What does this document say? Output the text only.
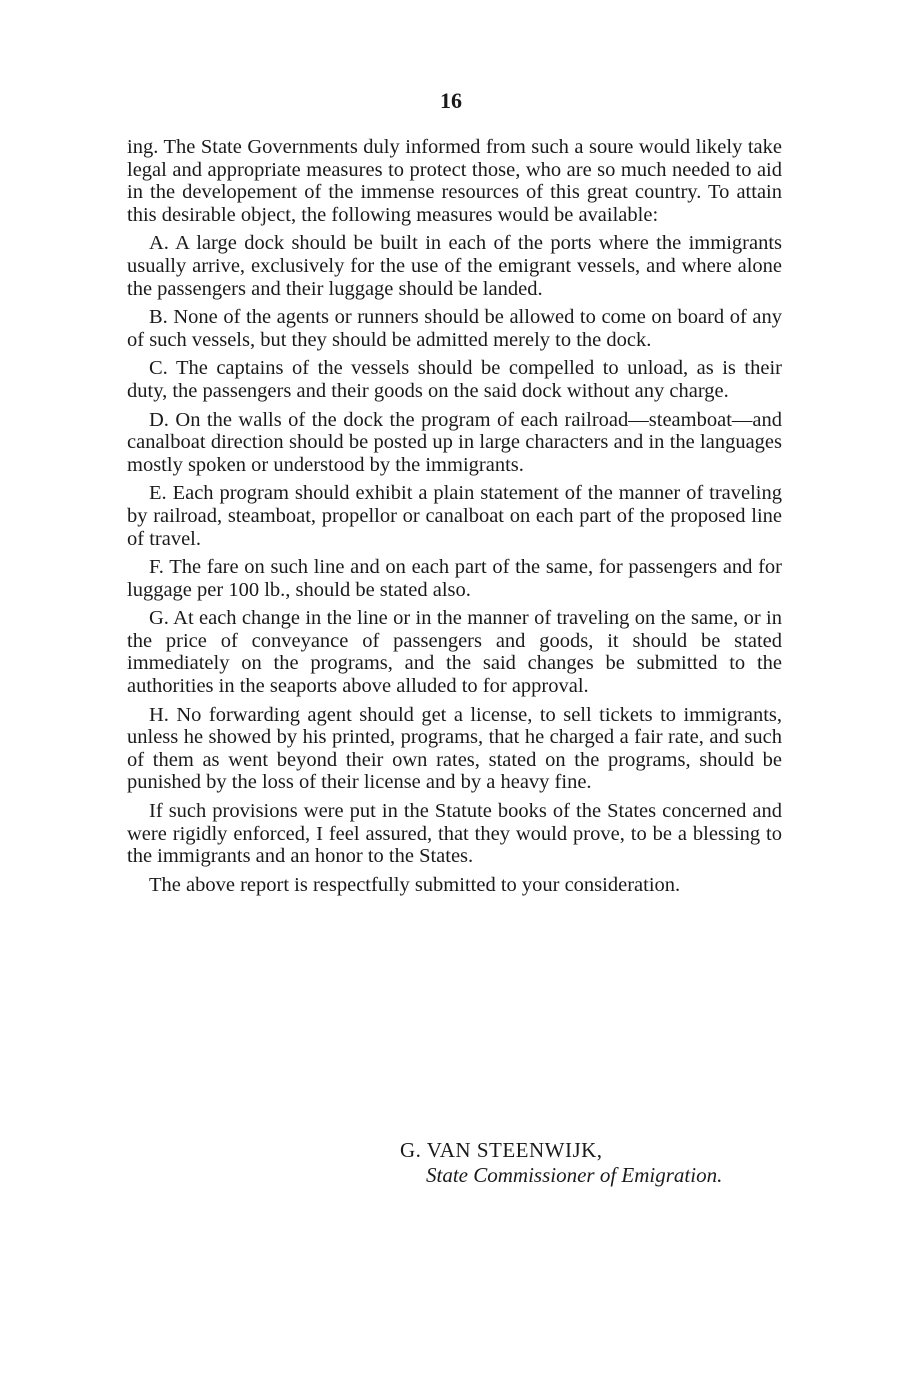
16

ing. The State Governments duly informed from such a soure would likely take legal and appropriate measures to protect those, who are so much needed to aid in the developement of the immense resources of this great country. To attain this desirable object, the following measures would be available:

A. A large dock should be built in each of the ports where the immigrants usually arrive, exclusively for the use of the emigrant vessels, and where alone the passengers and their luggage should be landed.

B. None of the agents or runners should be allowed to come on board of any of such vessels, but they should be admitted merely to the dock.

C. The captains of the vessels should be compelled to unload, as is their duty, the passengers and their goods on the said dock without any charge.

D. On the walls of the dock the program of each railroad—steamboat—and canalboat direction should be posted up in large characters and in the languages mostly spoken or understood by the immigrants.

E. Each program should exhibit a plain statement of the manner of traveling by railroad, steamboat, propellor or canalboat on each part of the proposed line of travel.

F. The fare on such line and on each part of the same, for passengers and for luggage per 100 lb., should be stated also.

G. At each change in the line or in the manner of traveling on the same, or in the price of conveyance of passengers and goods, it should be stated immediately on the programs, and the said changes be submitted to the authorities in the seaports above alluded to for approval.

H. No forwarding agent should get a license, to sell tickets to immigrants, unless he showed by his printed, programs, that he charged a fair rate, and such of them as went beyond their own rates, stated on the programs, should be punished by the loss of their license and by a heavy fine.

If such provisions were put in the Statute books of the States concerned and were rigidly enforced, I feel assured, that they would prove, to be a blessing to the immigrants and an honor to the States.

The above report is respectfully submitted to your consideration.

G. VAN STEENWIJK,

State Commissioner of Emigration.
